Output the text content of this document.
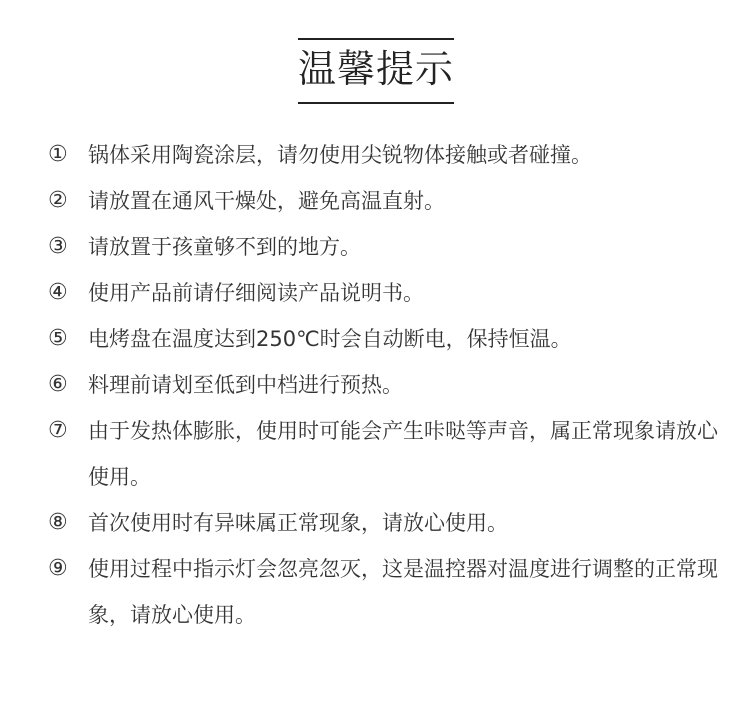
温馨提示
① 锅体采用陶瓷涂层，请勿使用尖锐物体接触或者碰撞。
② 请放置在通风干燥处，避免高温直射。
③ 请放置于孩童够不到的地方。
④ 使用产品前请仔细阅读产品说明书。
⑤ 电烤盘在温度达到250℃时会自动断电，保持恒温。
⑥ 料理前请划至低到中档进行预热。
⑦ 由于发热体膨胀，使用时可能会产生咔哒等声音，属正常现象请放心使用。
⑧ 首次使用时有异味属正常现象，请放心使用。
⑨ 使用过程中指示灯会忽亮忽灭，这是温控器对温度进行调整的正常现象，请放心使用。
